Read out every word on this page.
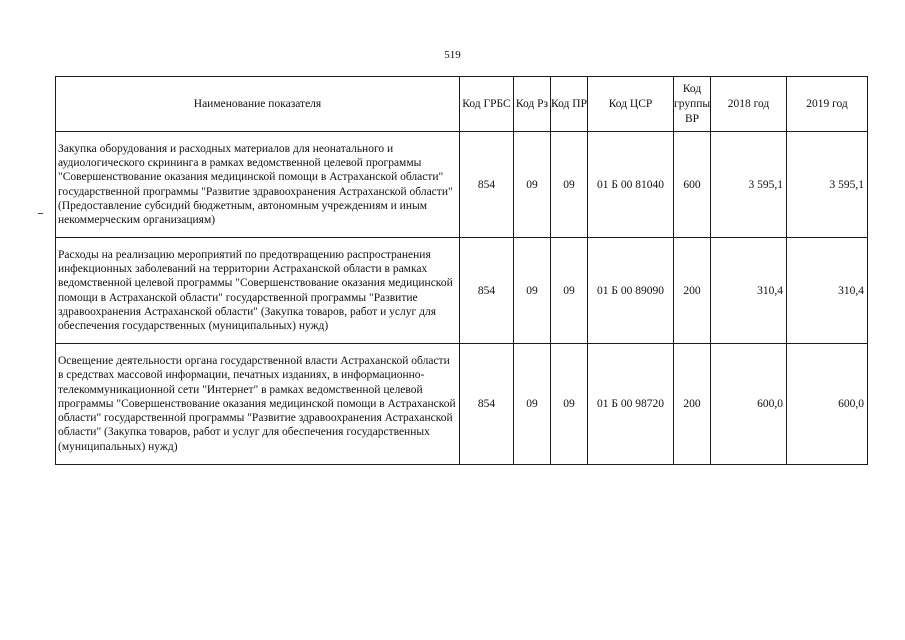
519
Наименование показателя	Код ГРБС	Код Рз	Код ПР	Код ЦСР	Код группы ВР	2018 год	2019 год
Закупка оборудования и расходных материалов для неонатального и аудиологического скрининга в рамках ведомственной целевой программы "Совершенствование оказания медицинской помощи в Астраханской области" государственной программы "Развитие здравоохранения Астраханской области" (Предоставление субсидий бюджетным, автономным учреждениям и иным некоммерческим организациям)	854	09	09	01 Б 00 81040	600	3 595,1	3 595,1
Расходы на реализацию мероприятий по предотвращению распространения инфекционных заболеваний на территории Астраханской области в рамках ведомственной целевой программы "Совершенствование оказания медицинской помощи в Астраханской области" государственной программы "Развитие здравоохранения Астраханской области" (Закупка товаров, работ и услуг для обеспечения государственных (муниципальных) нужд)	854	09	09	01 Б 00 89090	200	310,4	310,4
Освещение деятельности органа государственной власти Астраханской области в средствах массовой информации, печатных изданиях, в информационно-телекоммуникационной сети "Интернет" в рамках ведомственной целевой программы "Совершенствование оказания медицинской помощи в Астраханской области" государственной программы "Развитие здравоохранения Астраханской области" (Закупка товаров, работ и услуг для обеспечения государственных (муниципальных) нужд)	854	09	09	01 Б 00 98720	200	600,0	600,0
